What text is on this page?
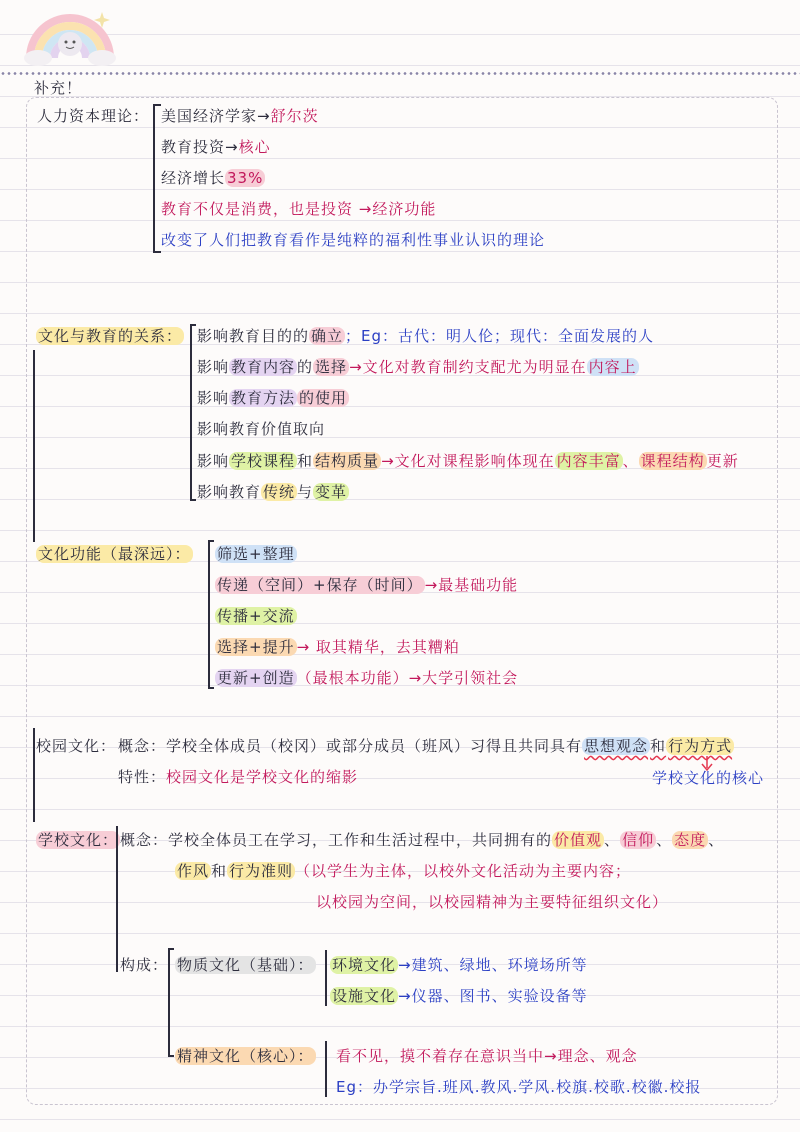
补充！
人力资本理论： 美国经济学家→舒尔茨
教育投资→核心
经济增长 33%
教育不仅是消费，也是投资 →经济功能
改变了人们把教育看作是纯粹的福利性事业认识的理论
文化与教育的关系： 影响教育目的的 确立 ；Eg：古代：明人伦；现代：全面发展的人
影响 教育内容 的 选择 →文化对教育制约支配尤为明显在 内容上
影响 教育方法 的使用
影响教育价值取向
影响 学校课程 和 结构质量 →文化对课程影响体现在 内容丰富 、 课程结构 更新
影响教育 传统 与 变革
文化功能（最深远）： 筛选+整理
传递（空间）+保存（时间） →最基础功能
传播+交流
选择+提升 → 取其精华，去其糟粕
更新+创造 （最根本功能）→大学引领社会
校园文化： 概念：学校全体成员（校冈）或部分成员（班风）习得且共同具有 思想观念 和 行为方式
特性：校园文化是学校文化的缩影	学校文化的核心
学校文化： 概念：学校全体员工在学习，工作和生活过程中，共同拥有的 价值观 、 信仰 、 态度 、
作风 和 行为准则 （以学生为主体，以校外文化活动为主要内容；
以校园为空间，以校园精神为主要特征组织文化）
构成： 物质文化（基础）： 环境文化 →建筑、绿地、环境场所等
设施文化 →仪器、图书、实验设备等
精神文化（核心）： 看不见，摸不着存在意识当中→理念、观念
Eg：办学宗旨.班风.教风.学风.校旗.校歌.校徽.校报
